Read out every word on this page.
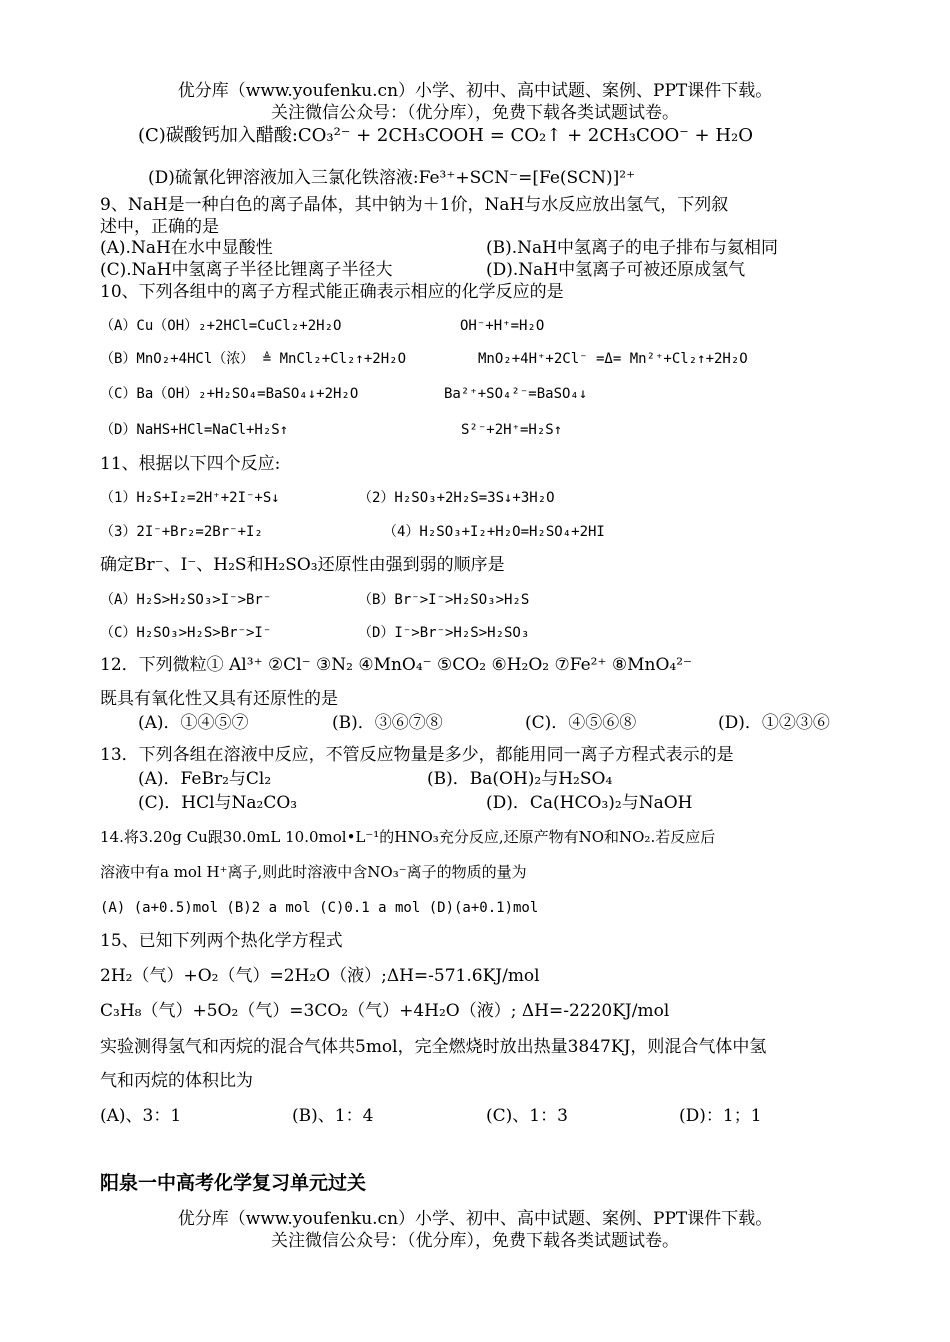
优分库（www.youfenku.cn）小学、初中、高中试题、案例、PPT课件下载。
关注微信公众号：（优分库），免费下载各类试题试卷。
(C)碳酸钙加入醋酸:CO₃²⁻ + 2CH₃COOH = CO₂↑ + 2CH₃COO⁻ + H₂O
(D)硫氰化钾溶液加入三氯化铁溶液:Fe³⁺+SCN⁻=[Fe(SCN)]²⁺
9、NaH是一种白色的离子晶体，其中钠为＋1价，NaH与水反应放出氢气，下列叙
述中，正确的是
(A).NaH在水中显酸性	(B).NaH中氢离子的电子排布与氦相同
(C).NaH中氢离子半径比锂离子半径大	(D).NaH中氢离子可被还原成氢气
10、下列各组中的离子方程式能正确表示相应的化学反应的是
（A）Cu（OH）₂+2HCl=CuCl₂+2H₂O	OH⁻+H⁺=H₂O
（B）MnO₂+4HCl（浓） ≜ MnCl₂+Cl₂↑+2H₂O	MnO₂+4H⁺+2Cl⁻ =Δ= Mn²⁺+Cl₂↑+2H₂O
（C）Ba（OH）₂+H₂SO₄=BaSO₄↓+2H₂O	Ba²⁺+SO₄²⁻=BaSO₄↓
（D）NaHS+HCl=NaCl+H₂S↑	S²⁻+2H⁺=H₂S↑
11、根据以下四个反应:
（1）H₂S+I₂=2H⁺+2I⁻+S↓	（2）H₂SO₃+2H₂S=3S↓+3H₂O
（3）2I⁻+Br₂=2Br⁻+I₂	（4）H₂SO₃+I₂+H₂O=H₂SO₄+2HI
确定Br⁻、I⁻、H₂S和H₂SO₃还原性由强到弱的顺序是
（A）H₂S>H₂SO₃>I⁻>Br⁻	（B）Br⁻>I⁻>H₂SO₃>H₂S
（C）H₂SO₃>H₂S>Br⁻>I⁻	（D）I⁻>Br⁻>H₂S>H₂SO₃
12．下列微粒① Al³⁺ ②Cl⁻ ③N₂ ④MnO₄⁻ ⑤CO₂ ⑥H₂O₂ ⑦Fe²⁺ ⑧MnO₄²⁻
既具有氧化性又具有还原性的是
(A)．①④⑤⑦	(B)．③⑥⑦⑧	(C)．④⑤⑥⑧	(D)．①②③⑥
13．下列各组在溶液中反应，不管反应物量是多少，都能用同一离子方程式表示的是
(A)．FeBr₂与Cl₂	(B)．Ba(OH)₂与H₂SO₄
(C)．HCl与Na₂CO₃	(D)．Ca(HCO₃)₂与NaOH
14.将3.20g Cu跟30.0mL 10.0mol•L⁻¹的HNO₃充分反应,还原产物有NO和NO₂.若反应后
溶液中有a mol H⁺离子,则此时溶液中含NO₃⁻离子的物质的量为
(A) (a+0.5)mol (B)2 a mol (C)0.1 a mol (D)(a+0.1)mol
15、已知下列两个热化学方程式
2H₂（气）+O₂（气）=2H₂O（液）;ΔH=-571.6KJ/mol
C₃H₈（气）+5O₂（气）=3CO₂（气）+4H₂O（液）; ΔH=-2220KJ/mol
实验测得氢气和丙烷的混合气体共5mol，完全燃烧时放出热量3847KJ，则混合气体中氢
气和丙烷的体积比为
(A)、3：1	(B)、1：4	(C)、1：3	(D)：1；1
阳泉一中高考化学复习单元过关
优分库（www.youfenku.cn）小学、初中、高中试题、案例、PPT课件下载。
关注微信公众号：（优分库），免费下载各类试题试卷。
